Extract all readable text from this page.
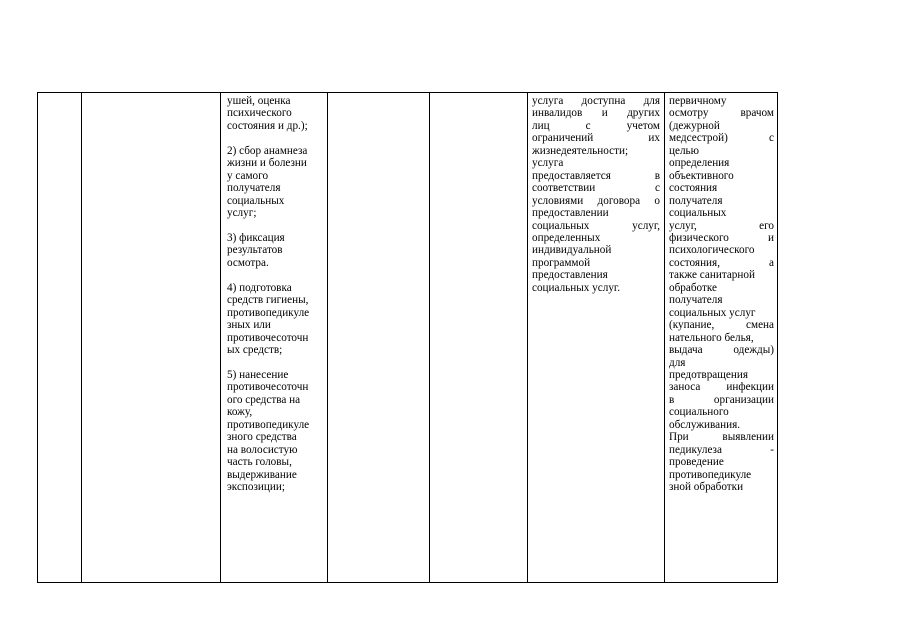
ушей, оценка
психического
состояния и др.);
2) сбор анамнеза
жизни и болезни
у самого
получателя
социальных
услуг;
3) фиксация
результатов
осмотра.
4) подготовка
средств гигиены,
противопедикуле
зных или
противочесоточн
ых средств;
5) нанесение
противочесоточн
ого средства на
кожу,
противопедикуле
зного средства
на волосистую
часть головы,
выдерживание
экспозиции;
услуга доступна для
инвалидов и других
лиц с учетом
ограничений их
жизнедеятельности;
услуга
предоставляется в
соответствии с
условиями договора о
предоставлении
социальных услуг,
определенных
индивидуальной
программой
предоставления
социальных услуг.
первичному
осмотру врачом
(дежурной
медсестрой) с
целью
определения
объективного
состояния
получателя
социальных
услуг, его
физического и
психологического
состояния, а
также санитарной
обработке
получателя
социальных услуг
(купание, смена
нательного белья,
выдача одежды)
для
предотвращения
заноса инфекции
в организации
социального
обслуживания.
При выявлении
педикулеза -
проведение
противопедикуле
зной обработки
